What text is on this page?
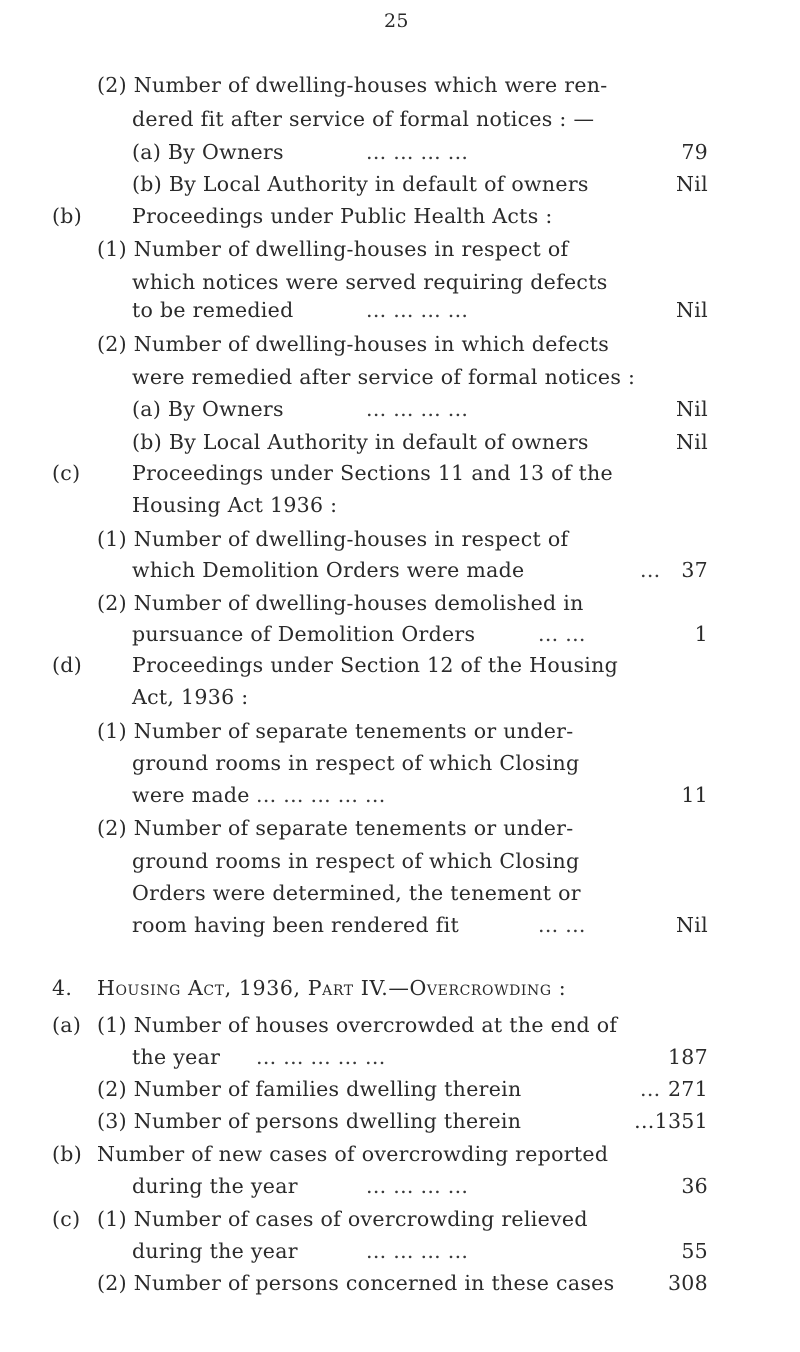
25
(2) Number of dwelling-houses which were ren-
dered fit after service of formal notices : —
(a) By Owners	... ... ... ...	79
(b) By Local Authority in default of owners	Nil
(b) Proceedings under Public Health Acts :
(1) Number of dwelling-houses in respect of
which notices were served requiring defects
to be remedied	... ... ... ...	Nil
(2) Number of dwelling-houses in which defects
were remedied after service of formal notices :
(a) By Owners	... ... ... ...	Nil
(b) By Local Authority in default of owners	Nil
(c)	Proceedings under Sections 11 and 13 of the
Housing Act 1936 :
(1) Number of dwelling-houses in respect of
which Demolition Orders were made	... 37
(2) Number of dwelling-houses demolished in
pursuance of Demolition Orders	... ...	1
(d) Proceedings under Section 12 of the Housing
Act, 1936 :
(1) Number of separate tenements or under-
ground rooms in respect of which Closing
were made ... ... ... ... ...	11
(2) Number of separate tenements or under-
ground rooms in respect of which Closing
Orders were determined, the tenement or
room having been rendered fit	... ...	Nil
4. Housing Act, 1936, Part IV.—Overcrowding :
(a) (1) Number of houses overcrowded at the end of
the year ... ... ... ... ...	187
(2) Number of families dwelling therein	... 271
(3) Number of persons dwelling therein	...1351
(b) Number of new cases of overcrowding reported
during the year	... ... ... ...	36
(c) (1) Number of cases of overcrowding relieved
during the year	... ... ... ...	55
(2) Number of persons concerned in these cases	308
